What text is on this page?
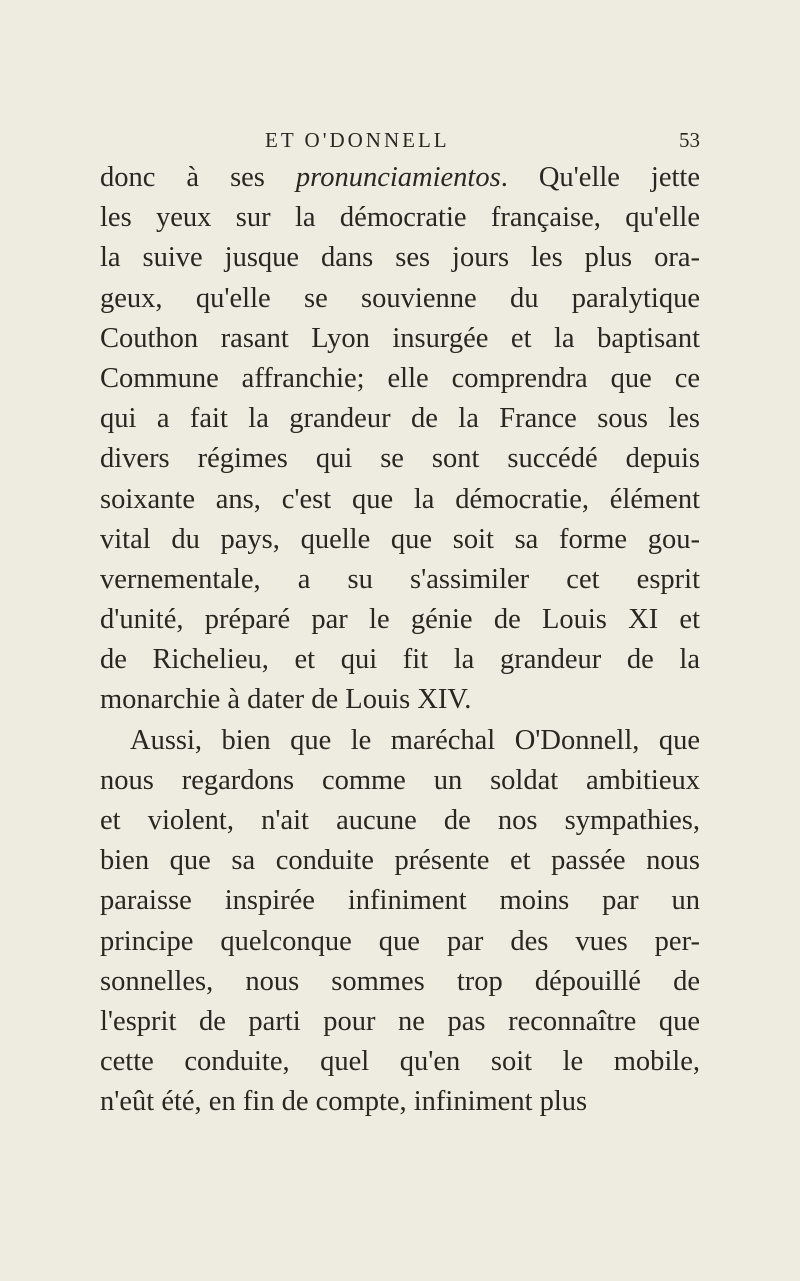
ET O'DONNELL	53
donc à ses pronunciamientos. Qu'elle jette
les yeux sur la démocratie française, qu'elle
la suive jusque dans ses jours les plus ora-
geux, qu'elle se souvienne du paralytique
Couthon rasant Lyon insurgée et la baptisant
Commune affranchie; elle comprendra que ce
qui a fait la grandeur de la France sous les
divers régimes qui se sont succédé depuis
soixante ans, c'est que la démocratie, élément
vital du pays, quelle que soit sa forme gou-
vernementale, a su s'assimiler cet esprit
d'unité, préparé par le génie de Louis XI et
de Richelieu, et qui fit la grandeur de la
monarchie à dater de Louis XIV.
Aussi, bien que le maréchal O'Donnell, que
nous regardons comme un soldat ambitieux
et violent, n'ait aucune de nos sympathies,
bien que sa conduite présente et passée nous
paraisse inspirée infiniment moins par un
principe quelconque que par des vues per-
sonnelles, nous sommes trop dépouillé de
l'esprit de parti pour ne pas reconnaître que
cette conduite, quel qu'en soit le mobile,
n'eût été, en fin de compte, infiniment plus
